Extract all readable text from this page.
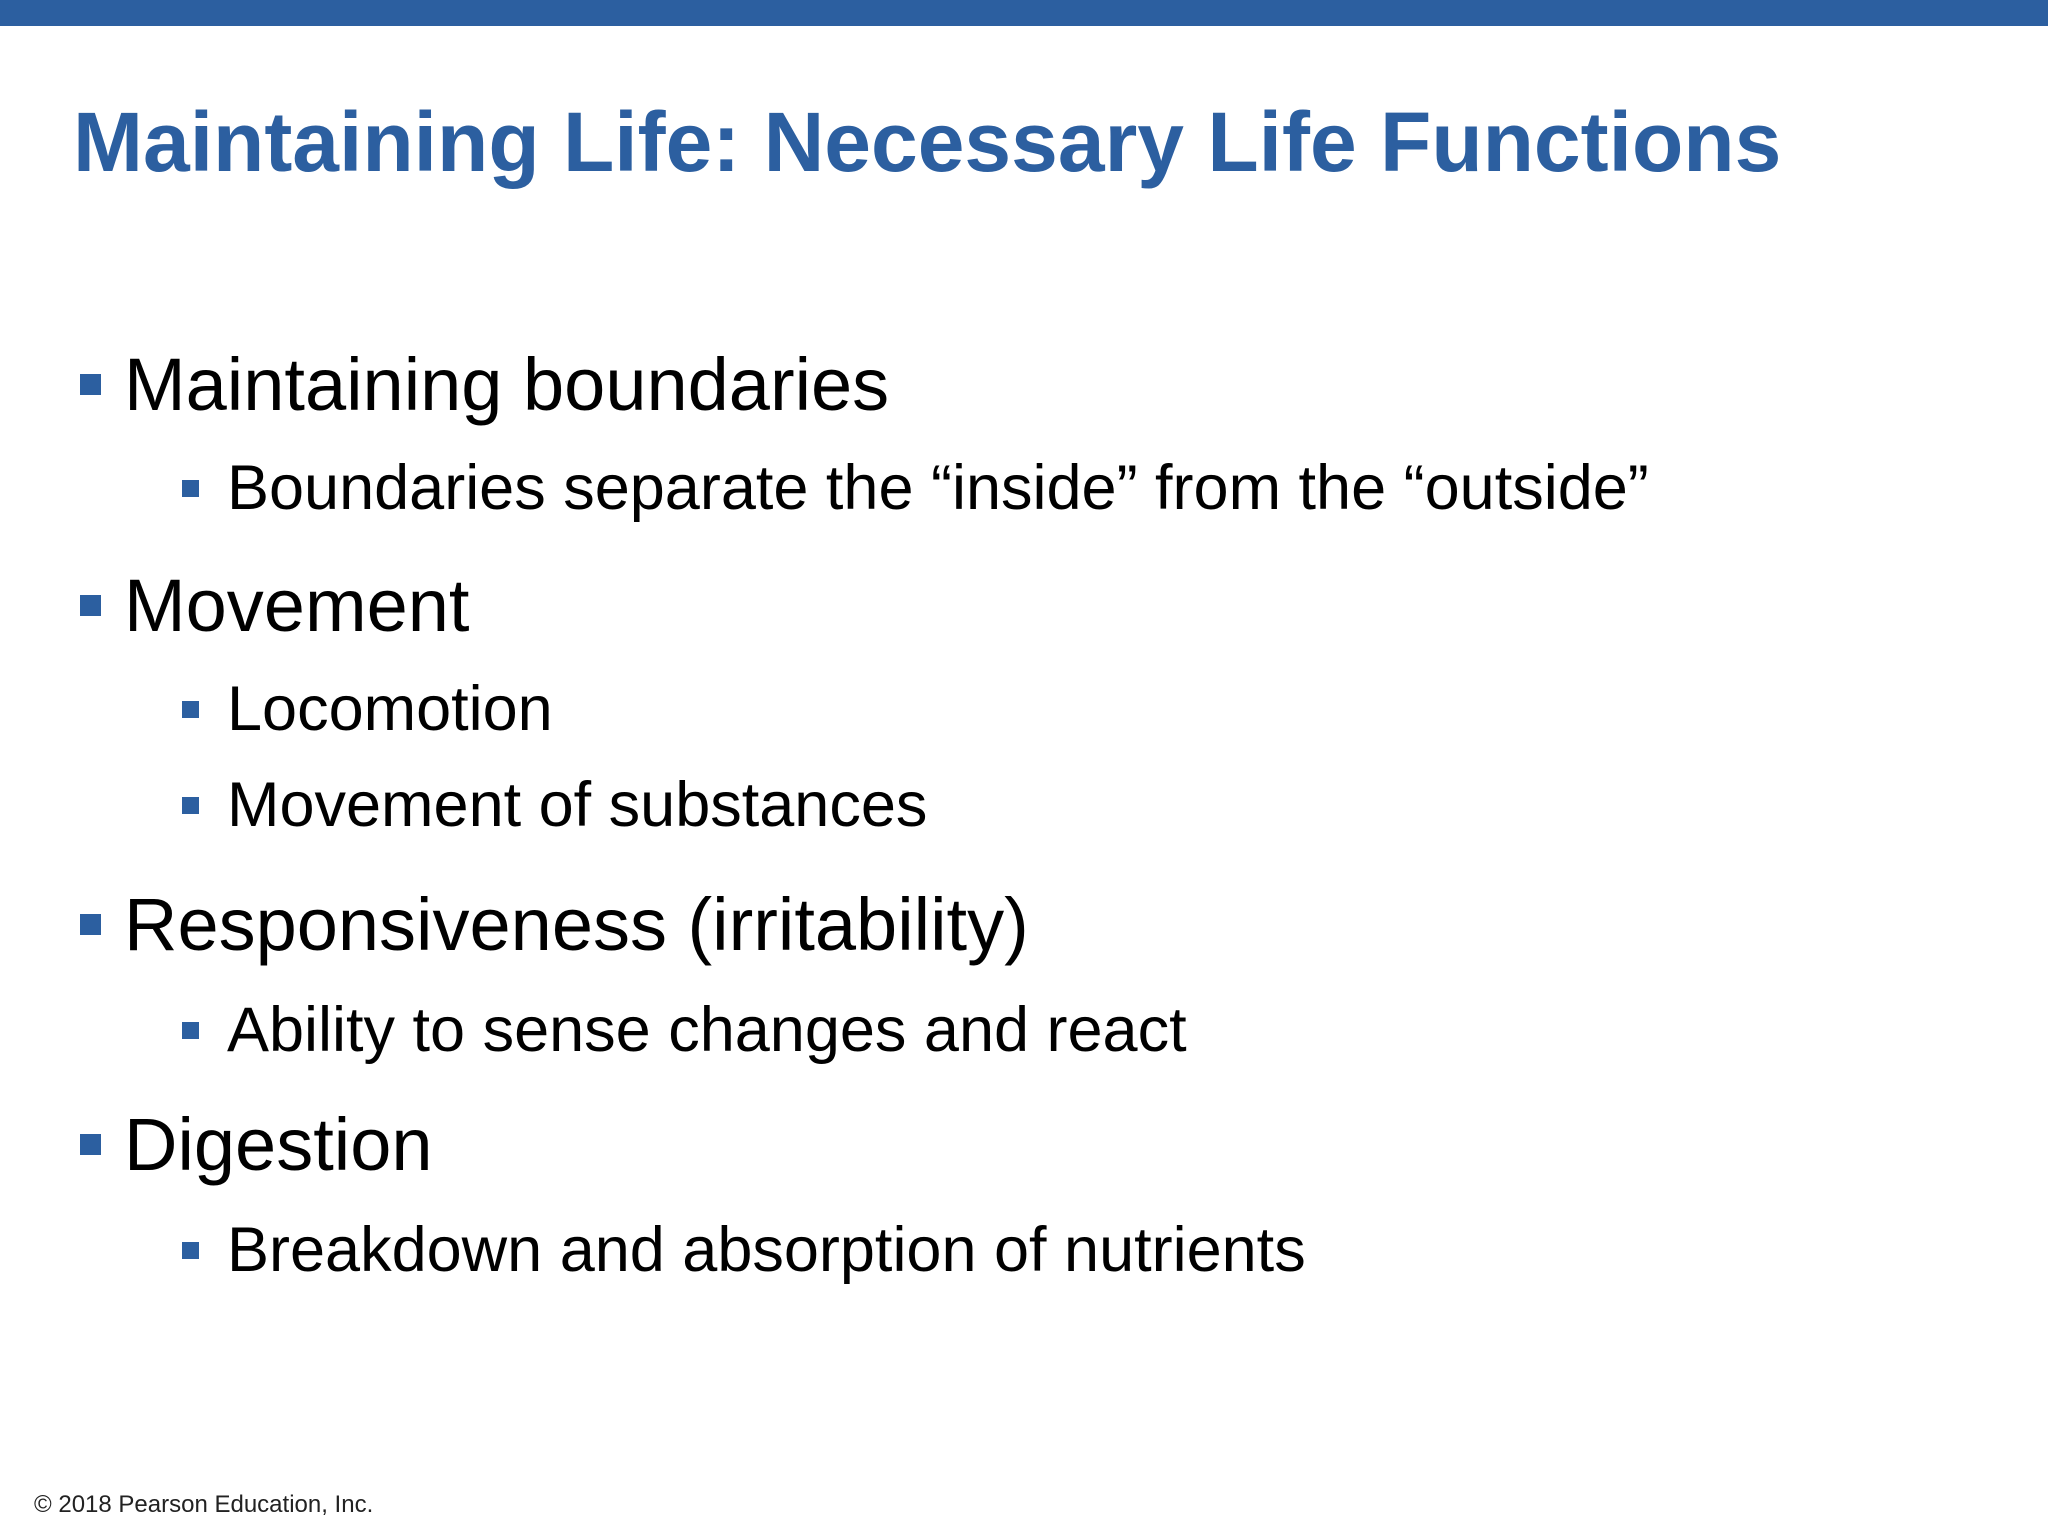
Maintaining Life: Necessary Life Functions
Maintaining boundaries
Boundaries separate the “inside” from the “outside”
Movement
Locomotion
Movement of substances
Responsiveness (irritability)
Ability to sense changes and react
Digestion
Breakdown and absorption of nutrients
© 2018 Pearson Education, Inc.
